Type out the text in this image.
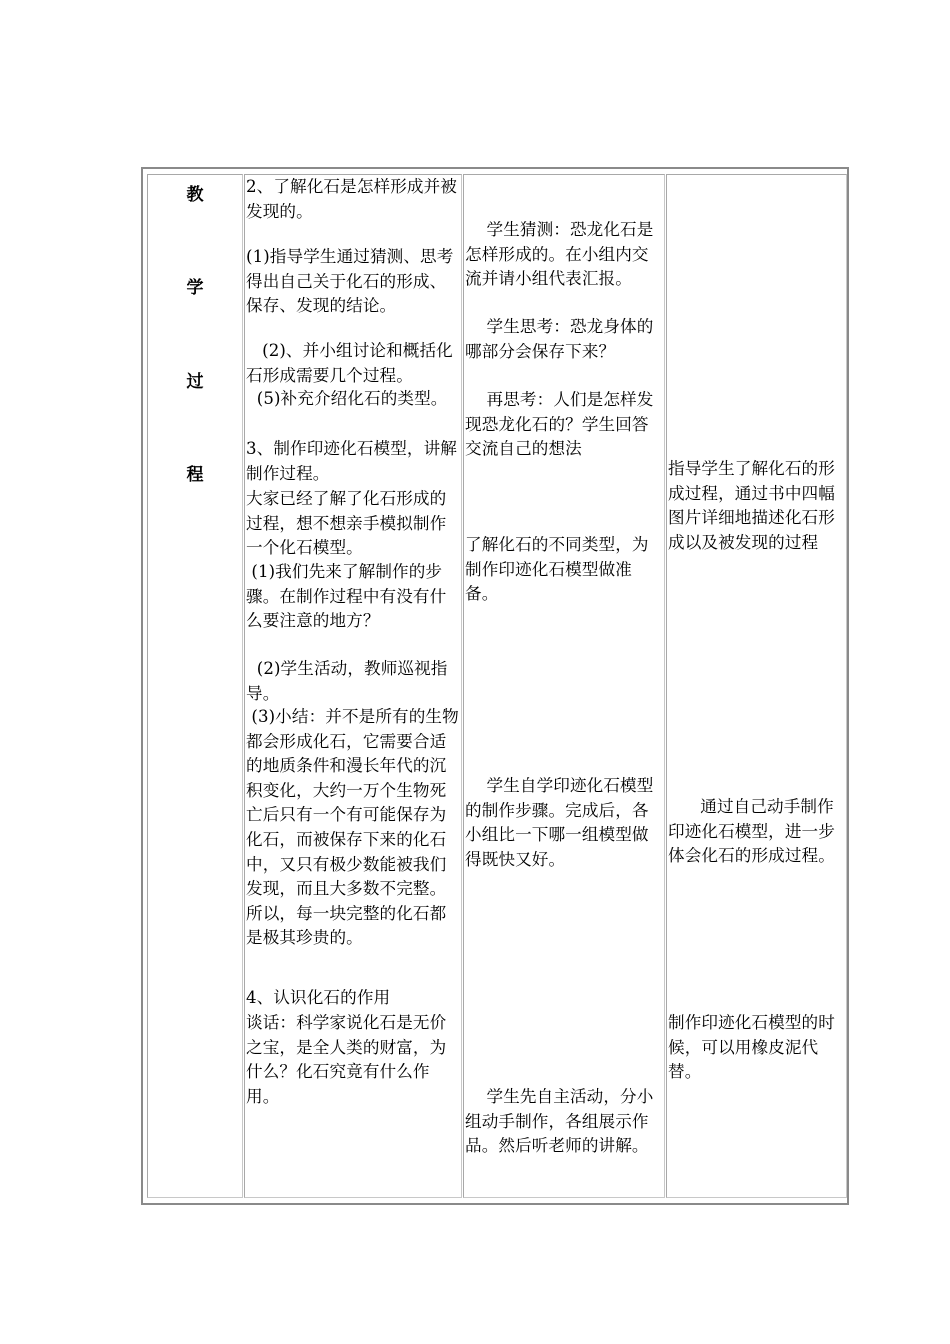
教
学
过
程

2、了解化石是怎样形成并被发现的。

(1)指导学生通过猜测、思考得出自己关于化石的形成、保存、发现的结论。

(2)、并小组讨论和概括化石形成需要几个过程。

(5)补充介绍化石的类型。

3、制作印迹化石模型，讲解制作过程。

大家已经了解了化石形成的过程，想不想亲手模拟制作一个化石模型。

(1)我们先来了解制作的步骤。在制作过程中有没有什么要注意的地方？

(2)学生活动，教师巡视指导。

(3)小结：并不是所有的生物都会形成化石，它需要合适的地质条件和漫长年代的沉积变化，大约一万个生物死亡后只有一个有可能保存为化石，而被保存下来的化石中，又只有极少数能被我们发现，而且大多数不完整。所以，每一块完整的化石都是极其珍贵的。

4、认识化石的作用

谈话：科学家说化石是无价之宝，是全人类的财富，为什么？化石究竟有什么作用。

学生猜测：恐龙化石是怎样形成的。在小组内交流并请小组代表汇报。

学生思考：恐龙身体的哪部分会保存下来？

再思考：人们是怎样发现恐龙化石的？学生回答交流自己的想法

了解化石的不同类型，为制作印迹化石模型做准备。

学生自学印迹化石模型的制作步骤。完成后，各小组比一下哪一组模型做得既快又好。

学生先自主活动，分小组动手制作，各组展示作品。然后听老师的讲解。

指导学生了解化石的形成过程，通过书中四幅图片详细地描述化石形成以及被发现的过程

通过自己动手制作印迹化石模型，进一步体会化石的形成过程。

制作印迹化石模型的时候，可以用橡皮泥代替。
